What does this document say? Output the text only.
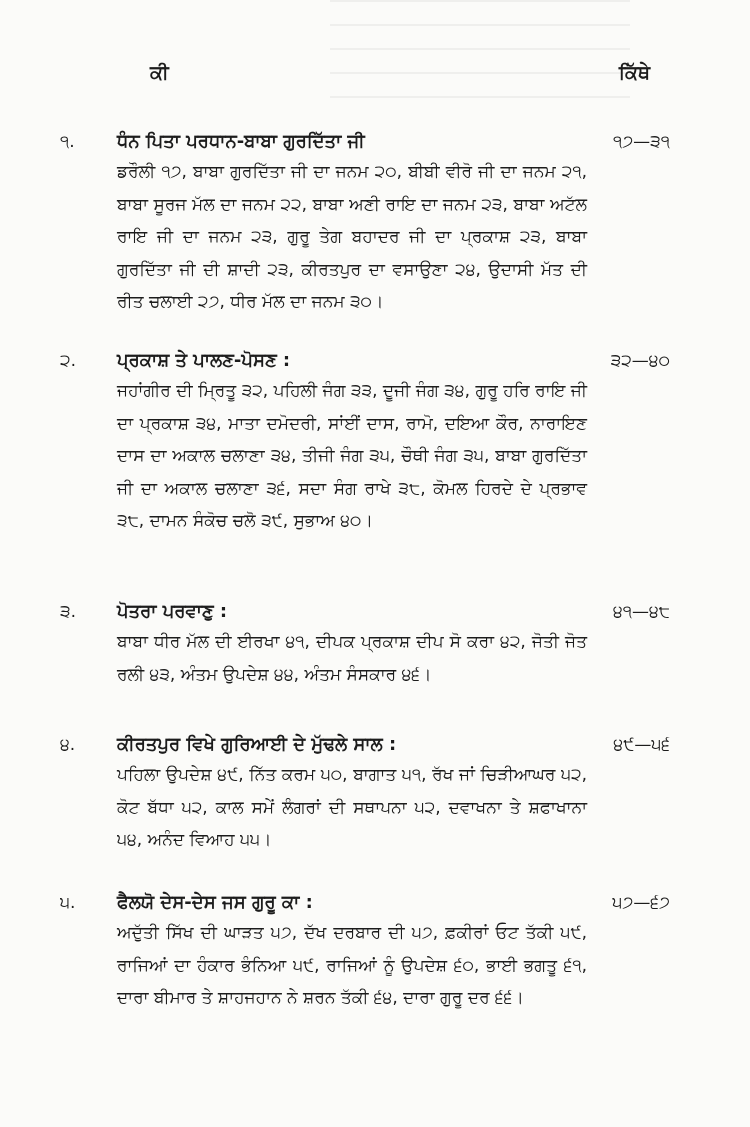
ਕੀ	ਕਿੱਥੇ
੧.	ਧੰਨ ਪਿਤਾ ਪਰਧਾਨ-ਬਾਬਾ ਗੁਰਦਿੱਤਾ ਜੀ	੧੭—੩੧
ਡਰੌਲੀ ੧੭, ਬਾਬਾ ਗੁਰਦਿੱਤਾ ਜੀ ਦਾ ਜਨਮ ੨੦, ਬੀਬੀ ਵੀਰੋ ਜੀ ਦਾ ਜਨਮ ੨੧, ਬਾਬਾ ਸੂਰਜ ਮੱਲ ਦਾ ਜਨਮ ੨੨, ਬਾਬਾ ਅਣੀ ਰਾਇ ਦਾ ਜਨਮ ੨੩, ਬਾਬਾ ਅਟੱਲ ਰਾਇ ਜੀ ਦਾ ਜਨਮ ੨੩, ਗੁਰੂ ਤੇਗ ਬਹਾਦਰ ਜੀ ਦਾ ਪ੍ਰਕਾਸ਼ ੨੩, ਬਾਬਾ ਗੁਰਦਿੱਤਾ ਜੀ ਦੀ ਸ਼ਾਦੀ ੨੩, ਕੀਰਤਪੁਰ ਦਾ ਵਸਾਉਣਾ ੨੪, ਉਦਾਸੀ ਮੱਤ ਦੀ ਰੀਤ ਚਲਾਈ ੨੭, ਧੀਰ ਮੱਲ ਦਾ ਜਨਮ ੩੦।
੨.	ਪ੍ਰਕਾਸ਼ ਤੇ ਪਾਲਣ-ਪੋਸਣ :	੩੨—੪੦
ਜਹਾਂਗੀਰ ਦੀ ਮ੍ਰਿਤੂ ੩੨, ਪਹਿਲੀ ਜੰਗ ੩੩, ਦੂਜੀ ਜੰਗ ੩੪, ਗੁਰੂ ਹਰਿ ਰਾਇ ਜੀ ਦਾ ਪ੍ਰਕਾਸ਼ ੩੪, ਮਾਤਾ ਦਮੋਦਰੀ, ਸਾਂਈਂ ਦਾਸ, ਰਾਮੋ, ਦਇਆ ਕੌਰ, ਨਾਰਾਇਣ ਦਾਸ ਦਾ ਅਕਾਲ ਚਲਾਣਾ ੩੪, ਤੀਜੀ ਜੰਗ ੩੫, ਚੌਥੀ ਜੰਗ ੩੫, ਬਾਬਾ ਗੁਰਦਿੱਤਾ ਜੀ ਦਾ ਅਕਾਲ ਚਲਾਣਾ ੩੬, ਸਦਾ ਸੰਗ ਰਾਖੇ ੩੮, ਕੋਮਲ ਹਿਰਦੇ ਦੇ ਪ੍ਰਭਾਵ ੩੮, ਦਾਮਨ ਸੰਕੋਚ ਚਲੋ ੩੯, ਸੁਭਾਅ ੪੦।
੩.	ਪੋਤਰਾ ਪਰਵਾਣੁ :	੪੧—੪੮
ਬਾਬਾ ਧੀਰ ਮੱਲ ਦੀ ਈਰਖਾ ੪੧, ਦੀਪਕ ਪ੍ਰਕਾਸ਼ ਦੀਪ ਸੋ ਕਰਾ ੪੨, ਜੋਤੀ ਜੋਤ ਰਲੀ ੪੩, ਅੰਤਮ ਉਪਦੇਸ਼ ੪੪, ਅੰਤਮ ਸੰਸਕਾਰ ੪੬।
੪.	ਕੀਰਤਪੁਰ ਵਿਖੇ ਗੁਰਿਆਈ ਦੇ ਮੁੱਢਲੇ ਸਾਲ :	੪੯—੫੬
ਪਹਿਲਾ ਉਪਦੇਸ਼ ੪੯, ਨਿੱਤ ਕਰਮ ੫੦, ਬਾਗਾਤ ੫੧, ਰੱਖ ਜਾਂ ਚਿੜੀਆਘਰ ੫੨, ਕੋਟ ਬੱਧਾ ੫੨, ਕਾਲ ਸਮੇਂ ਲੰਗਰਾਂ ਦੀ ਸਥਾਪਨਾ ੫੨, ਦਵਾਖਨਾ ਤੇ ਸ਼ਫਾਖਾਨਾ ੫੪, ਅਨੰਦ ਵਿਆਹ ੫੫।
੫.	ਫੈਲਯੋ ਦੇਸ-ਦੇਸ ਜਸ ਗੁਰੂ ਕਾ :	੫੭—੬੭
ਅਦੁੱਤੀ ਸਿੱਖ ਦੀ ਘਾੜਤ ੫੭, ਦੱਖ ਦਰਬਾਰ ਦੀ ੫੭, ਫ਼ਕੀਰਾਂ ਓਟ ਤੱਕੀ ੫੯, ਰਾਜਿਆਂ ਦਾ ਹੰਕਾਰ ਭੰਨਿਆ ੫੯, ਰਾਜਿਆਂ ਨੂੰ ਉਪਦੇਸ਼ ੬੦, ਭਾਈ ਭਗਤੂ ੬੧, ਦਾਰਾ ਬੀਮਾਰ ਤੇ ਸ਼ਾਹਜਹਾਨ ਨੇ ਸ਼ਰਨ ਤੱਕੀ ੬੪, ਦਾਰਾ ਗੁਰੂ ਦਰ ੬੬।
